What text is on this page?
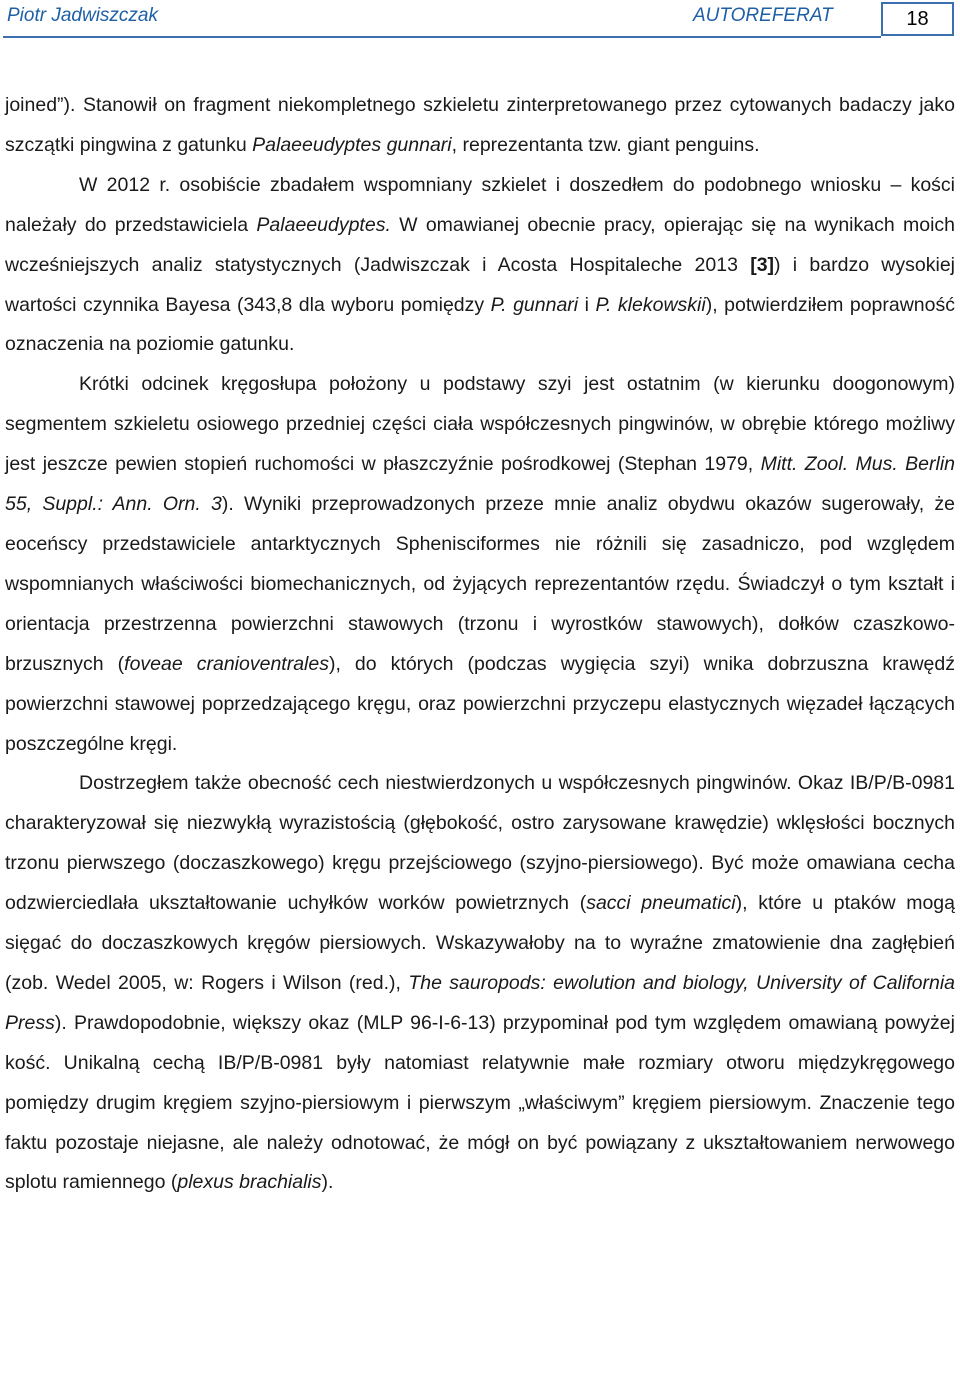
Piotr Jadwiszczak	AUTOREFERAT	18

joined”). Stanowił on fragment niekompletnego szkieletu zinterpretowanego przez cytowanych badaczy jako szczątki pingwina z gatunku Palaeeudyptes gunnari, reprezentanta tzw. giant penguins.

W 2012 r. osobiście zbadałem wspomniany szkielet i doszedłem do podobnego wniosku – kości należały do przedstawiciela Palaeeudyptes. W omawianej obecnie pracy, opierając się na wynikach moich wcześniejszych analiz statystycznych (Jadwiszczak i Acosta Hospitaleche 2013 [3]) i bardzo wysokiej wartości czynnika Bayesa (343,8 dla wyboru pomiędzy P. gunnari i P. klekowskii), potwierdziłem poprawność oznaczenia na poziomie gatunku.

Krótki odcinek kręgosłupa położony u podstawy szyi jest ostatnim (w kierunku doogonowym) segmentem szkieletu osiowego przedniej części ciała współczesnych pingwinów, w obrębie którego możliwy jest jeszcze pewien stopień ruchomości w płaszczyźnie pośrodkowej (Stephan 1979, Mitt. Zool. Mus. Berlin 55, Suppl.: Ann. Orn. 3). Wyniki przeprowadzonych przeze mnie analiz obydwu okazów sugerowały, że eoceńscy przedstawiciele antarktycznych Sphenisciformes nie różnili się zasadniczo, pod względem wspomnianych właściwości biomechanicznych, od żyjących reprezentantów rzędu. Świadczył o tym kształt i orientacja przestrzenna powierzchni stawowych (trzonu i wyrostków stawowych), dołków czaszkowo-brzusznych (foveae cranioventrales), do których (podczas wygięcia szyi) wnika dobrzuszna krawędź powierzchni stawowej poprzedzającego kręgu, oraz powierzchni przyczepu elastycznych więzadeł łączących poszczególne kręgi.

Dostrzegłem także obecność cech niestwierdzonych u współczesnych pingwinów. Okaz IB/P/B-0981 charakteryzował się niezwykłą wyrazistością (głębokość, ostro zarysowane krawędzie) wklęsłości bocznych trzonu pierwszego (doczaszkowego) kręgu przejściowego (szyjno-piersiowego). Być może omawiana cecha odzwierciedlała ukształtowanie uchyłków worków powietrznych (sacci pneumatici), które u ptaków mogą sięgać do doczaszkowych kręgów piersiowych. Wskazywałoby na to wyraźne zmatowienie dna zagłębień (zob. Wedel 2005, w: Rogers i Wilson (red.), The sauropods: ewolution and biology, University of California Press). Prawdopodobnie, większy okaz (MLP 96-I-6-13) przypominał pod tym względem omawianą powyżej kość. Unikalną cechą IB/P/B-0981 były natomiast relatywnie małe rozmiary otworu międzykręgowego pomiędzy drugim kręgiem szyjno-piersiowym i pierwszym „właściwym” kręgiem piersiowym. Znaczenie tego faktu pozostaje niejasne, ale należy odnotować, że mógł on być powiązany z ukształtowaniem nerwowego splotu ramiennego (plexus brachialis).
